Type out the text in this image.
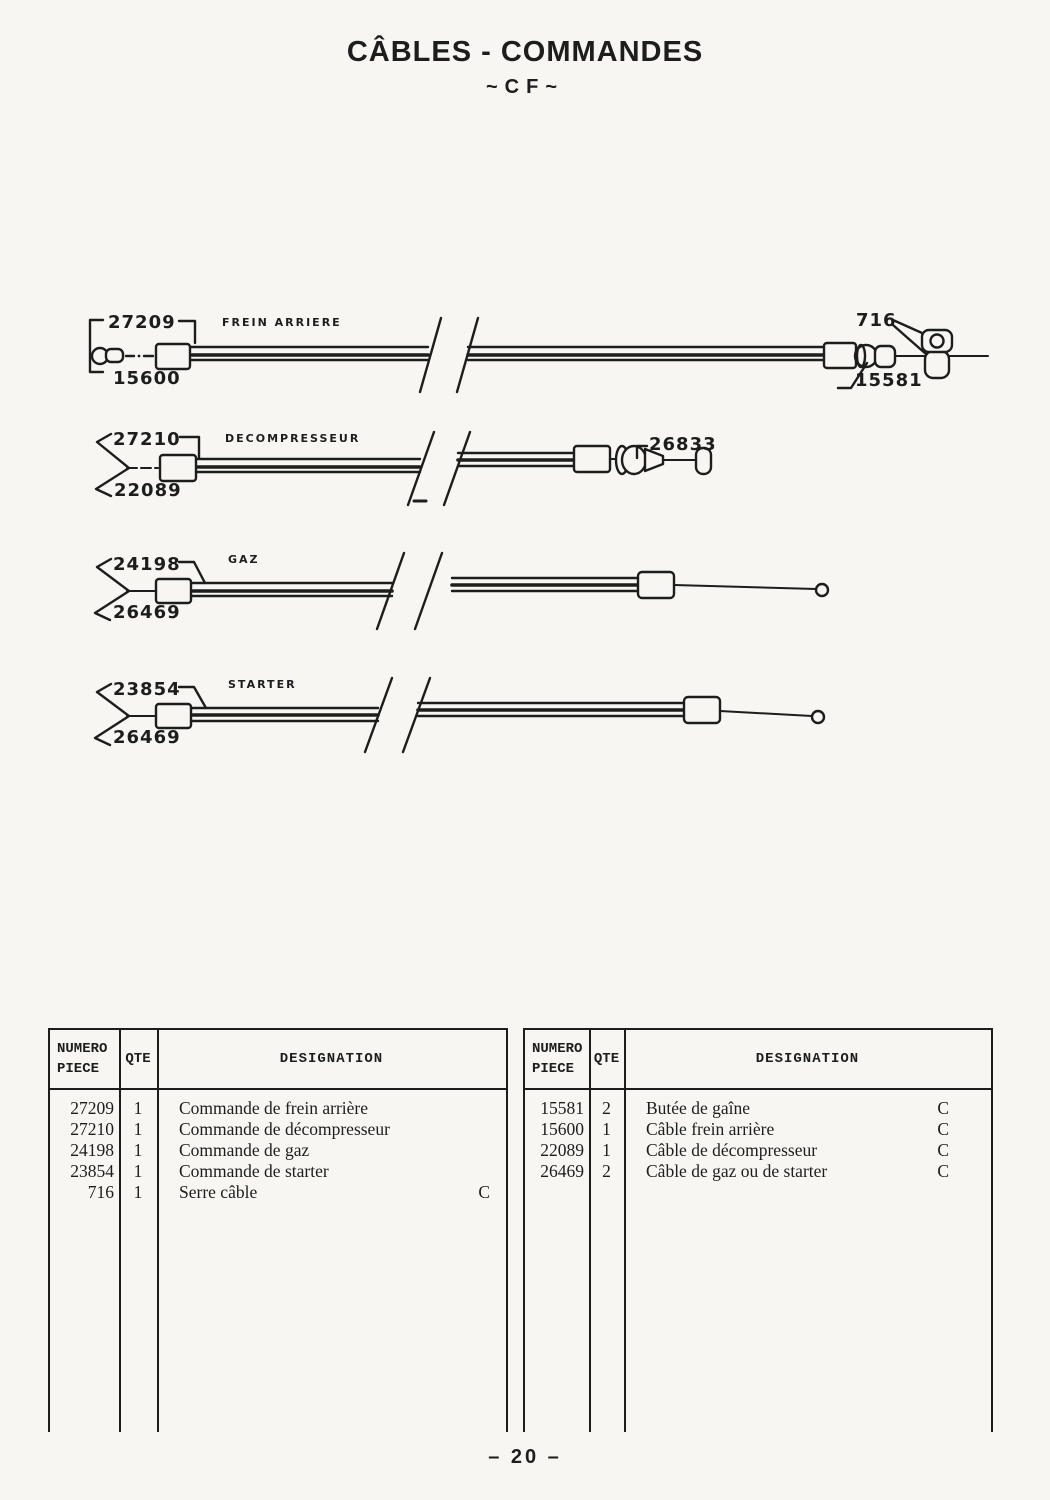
CÂBLES - COMMANDES
~CF~
27209
15600
FREIN ARRIERE	716
15581
27210
22089
DECOMPRESSEUR	26833
24198
26469
GAZ
23854
26469
STARTER
NUMERO
PIECE
QTE	DESIGNATION
27209	1	Commande de frein arrière
27210	1	Commande de décompresseur
24198	1	Commande de gaz
23854	1	Commande de starter
716	1	Serre câble	C
NUMERO
PIECE
QTE	DESIGNATION
15581	2	Butée de gaîne	C
15600	1	Câble frein arrière	C
22089	1	Câble de décompresseur	C
26469	2	Câble de gaz ou de starter	C
– 20 –
